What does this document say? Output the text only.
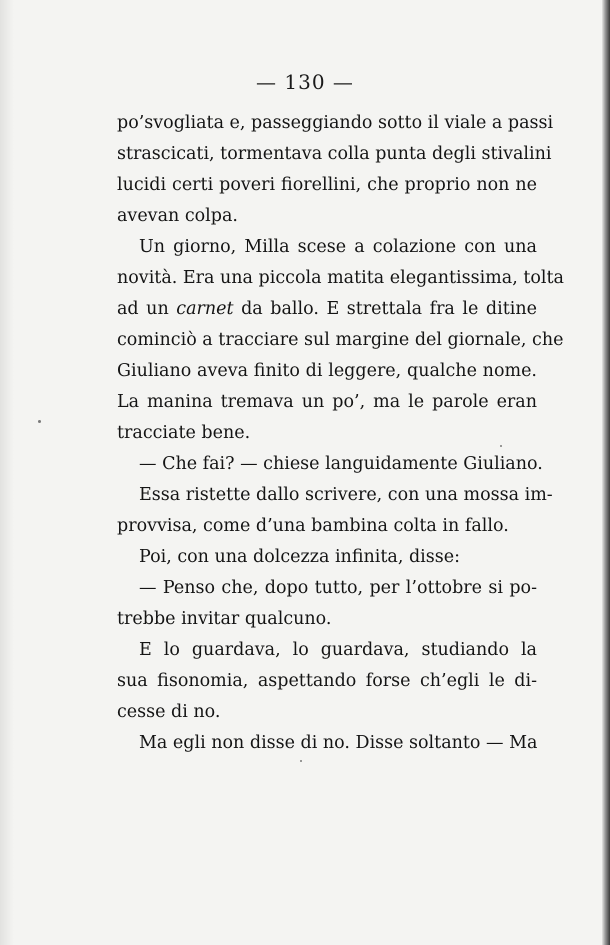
— 130 —
po’svogliata e, passeggiando sotto il viale a passi
strascicati, tormentava colla punta degli stivalini
lucidi certi poveri fiorellini, che proprio non ne
avevan colpa.
Un giorno, Milla scese a colazione con una
novità. Era una piccola matita elegantissima, tolta
ad un carnet da ballo. E strettala fra le ditine
cominciò a tracciare sul margine del giornale, che
Giuliano aveva finito di leggere, qualche nome.
La manina tremava un po’, ma le parole eran
tracciate bene.
— Che fai? — chiese languidamente Giuliano.
Essa ristette dallo scrivere, con una mossa im-
provvisa, come d’una bambina colta in fallo.
Poi, con una dolcezza infinita, disse:
— Penso che, dopo tutto, per l’ottobre si po-
trebbe invitar qualcuno.
E lo guardava, lo guardava, studiando la
sua fisonomia, aspettando forse ch’egli le di-
cesse di no.
Ma egli non disse di no. Disse soltanto — Ma
